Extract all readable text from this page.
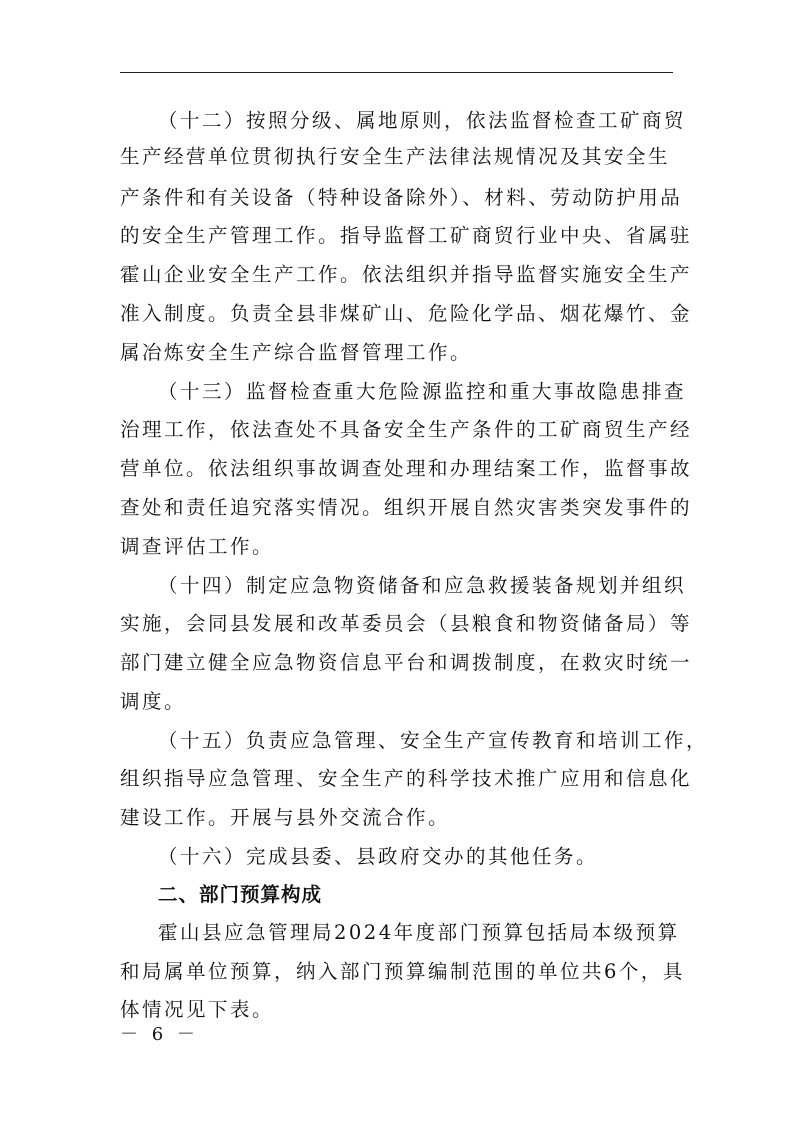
（十二）按照分级、属地原则，依法监督检查工矿商贸
生产经营单位贯彻执行安全生产法律法规情况及其安全生
产条件和有关设备（特种设备除外）、材料、劳动防护用品
的安全生产管理工作。指导监督工矿商贸行业中央、省属驻
霍山企业安全生产工作。依法组织并指导监督实施安全生产
准入制度。负责全县非煤矿山、危险化学品、烟花爆竹、金
属冶炼安全生产综合监督管理工作。
（十三）监督检查重大危险源监控和重大事故隐患排查
治理工作，依法查处不具备安全生产条件的工矿商贸生产经
营单位。依法组织事故调查处理和办理结案工作，监督事故
查处和责任追究落实情况。组织开展自然灾害类突发事件的
调查评估工作。
（十四）制定应急物资储备和应急救援装备规划并组织
实施，会同县发展和改革委员会（县粮食和物资储备局）等
部门建立健全应急物资信息平台和调拨制度，在救灾时统一
调度。
（十五）负责应急管理、安全生产宣传教育和培训工作，
组织指导应急管理、安全生产的科学技术推广应用和信息化
建设工作。开展与县外交流合作。
（十六）完成县委、县政府交办的其他任务。
二、部门预算构成
霍山县应急管理局2024年度部门预算包括局本级预算
和局属单位预算，纳入部门预算编制范围的单位共6个，具
体情况见下表。
－ 6 －
